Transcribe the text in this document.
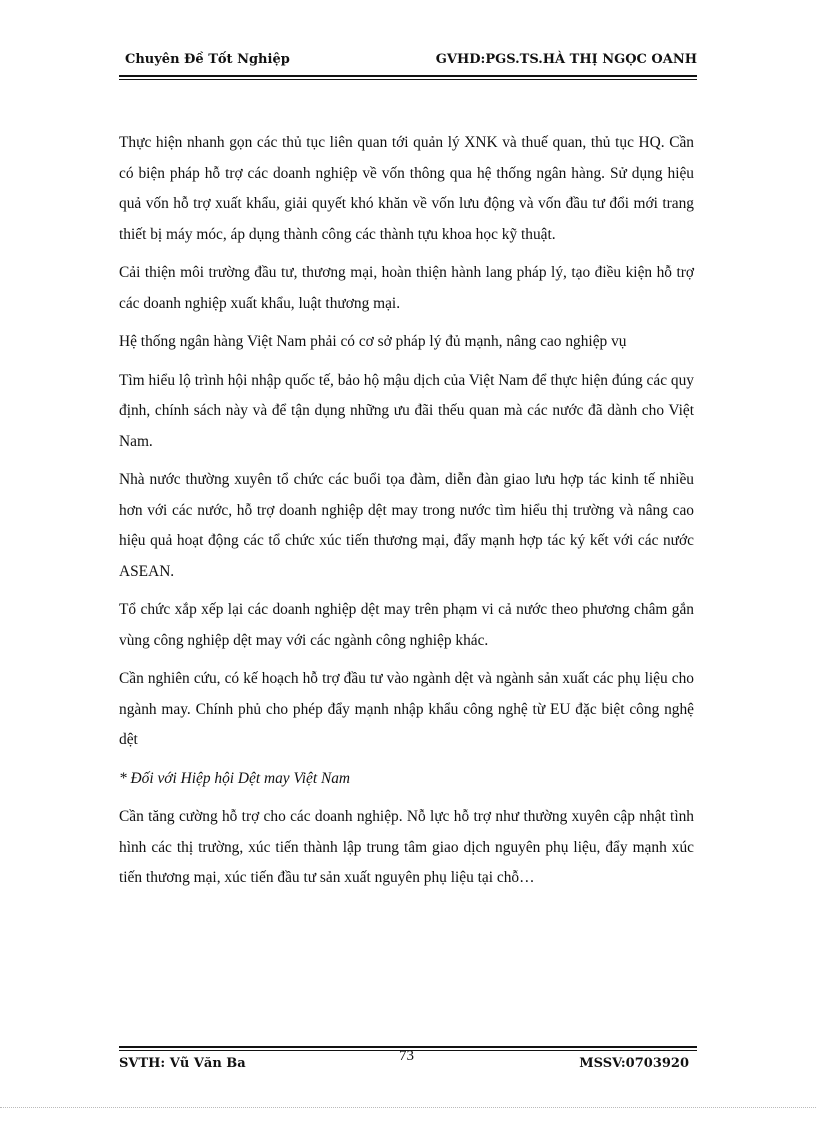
Chuyên Đề Tốt Nghiệp	GVHD:PGS.TS.HÀ THỊ NGỌC OANH

Thực hiện nhanh gọn các thủ tục liên quan tới quản lý XNK và thuế quan, thủ tục HQ. Cần có biện pháp hỗ trợ các doanh nghiệp về vốn thông qua hệ thống ngân hàng. Sử dụng hiệu quả vốn hỗ trợ xuất khẩu, giải quyết khó khăn về vốn lưu động và vốn đầu tư đổi mới trang thiết bị máy móc, áp dụng thành công các thành tựu khoa học kỹ thuật.

Cải thiện môi trường đầu tư, thương mại, hoàn thiện hành lang pháp lý, tạo điều kiện hỗ trợ các doanh nghiệp xuất khẩu, luật thương mại.

Hệ thống ngân hàng Việt Nam phải có cơ sở pháp lý đủ mạnh, nâng cao nghiệp vụ

Tìm hiểu lộ trình hội nhập quốc tế, bảo hộ mậu dịch của Việt Nam để thực hiện đúng các quy định, chính sách này và để tận dụng những ưu đãi thếu quan mà các nước đã dành cho Việt Nam.

Nhà nước thường xuyên tổ chức các buổi tọa đàm, diễn đàn giao lưu hợp tác kinh tế nhiều hơn với các nước, hỗ trợ doanh nghiệp dệt may trong nước tìm hiểu thị trường và nâng cao hiệu quả hoạt động các tổ chức xúc tiến thương mại, đẩy mạnh hợp tác ký kết với các nước ASEAN.

Tổ chức xắp xếp lại các doanh nghiệp dệt may trên phạm vi cả nước theo phương châm gắn vùng công nghiệp dệt may với các ngành công nghiệp khác.

Cần nghiên cứu, có kế hoạch hỗ trợ đầu tư vào ngành dệt và ngành sản xuất các phụ liệu cho ngành may. Chính phủ cho phép đẩy mạnh nhập khẩu công nghệ từ EU đặc biệt công nghệ dệt

* Đối với Hiệp hội Dệt may Việt Nam

Cần tăng cường hỗ trợ cho các doanh nghiệp. Nỗ lực hỗ trợ như thường xuyên cập nhật tình hình các thị trường, xúc tiến thành lập trung tâm giao dịch nguyên phụ liệu, đẩy mạnh xúc tiến thương mại, xúc tiến đầu tư sản xuất nguyên phụ liệu tại chỗ…

SVTH: Vũ Văn Ba	73	MSSV:0703920
